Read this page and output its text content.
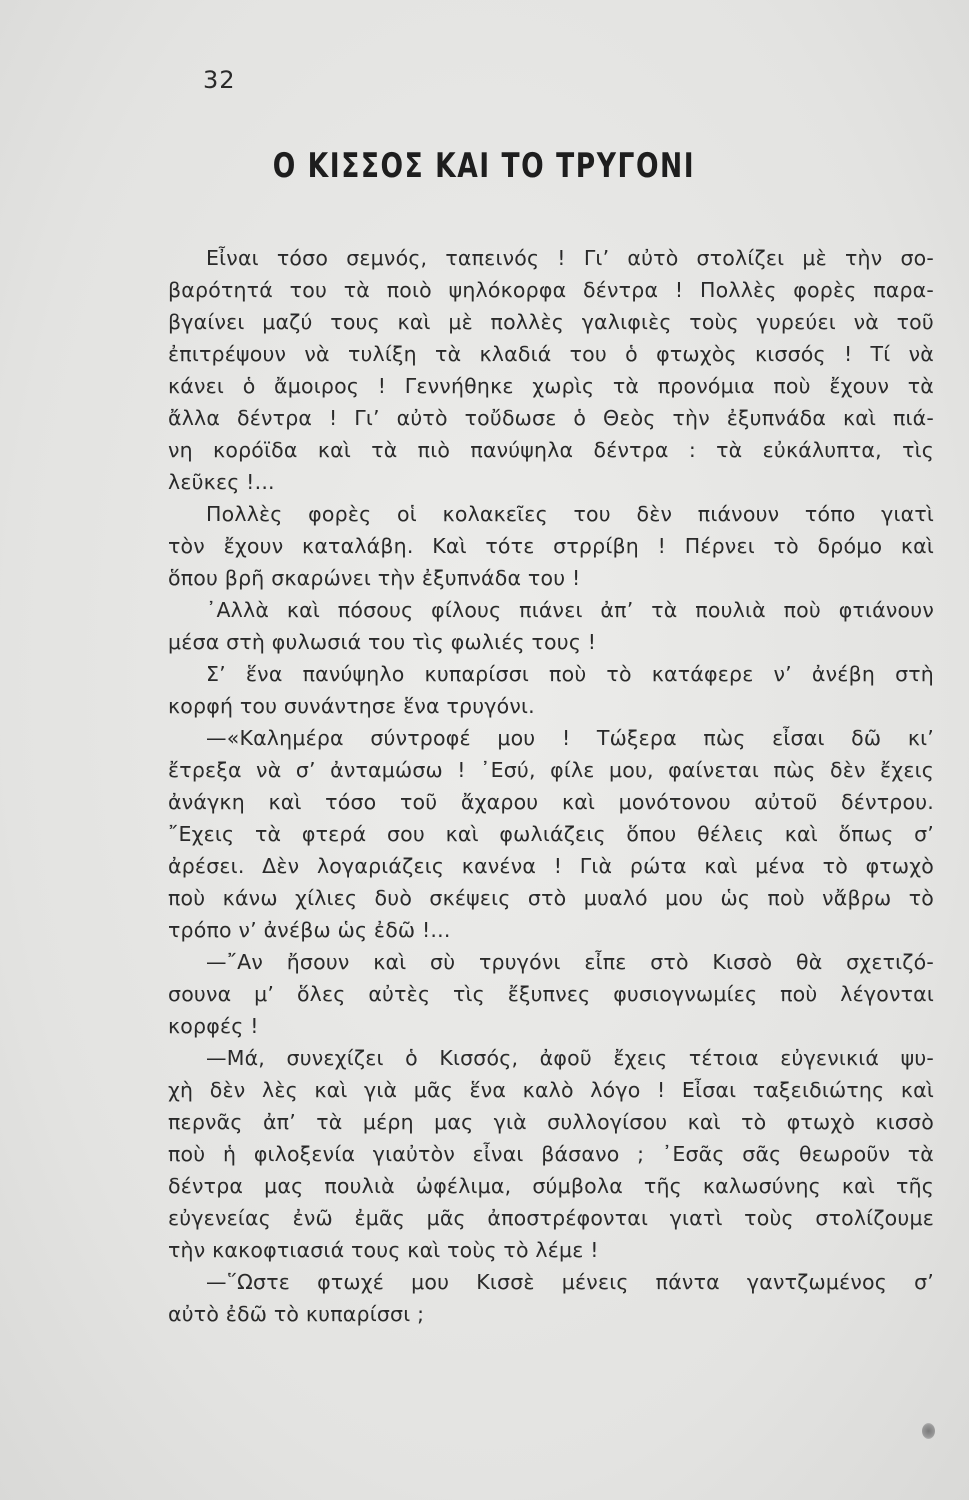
32
Ο ΚΙΣΣΟΣ ΚΑΙ ΤΟ ΤΡΥΓΟΝΙ
Εἶναι τόσο σεμνός, ταπεινός ! Γι’ αὐτὸ στολίζει μὲ τὴν σο-
βαρότητά του τὰ ποιὸ ψηλόκορφα δέντρα ! Πολλὲς φορὲς παρα-
βγαίνει μαζύ τους καὶ μὲ πολλὲς γαλιφιὲς τοὺς γυρεύει νὰ τοῦ
ἐπιτρέψουν νὰ τυλίξη τὰ κλαδιά του ὁ φτωχὸς κισσός ! Τί νὰ
κάνει ὁ ἄμοιρος ! Γεννήθηκε χωρὶς τὰ προνόμια ποὺ ἔχουν τὰ
ἄλλα δέντρα ! Γι’ αὐτὸ τοὔδωσε ὁ Θεὸς τὴν ἐξυπνάδα καὶ πιά-
νη κορόϊδα καὶ τὰ πιὸ πανύψηλα δέντρα : τὰ εὐκάλυπτα, τὶς
λεῦκες !...
Πολλὲς φορὲς οἱ κολακεῖες του δὲν πιάνουν τόπο γιατὶ
τὸν ἔχουν καταλάβη. Καὶ τότε στρρίβη ! Πέρνει τὸ δρόμο καὶ
ὅπου βρῆ σκαρώνει τὴν ἐξυπνάδα του !
᾿Αλλὰ καὶ πόσους φίλους πιάνει ἀπ’ τὰ πουλιὰ ποὺ φτιάνουν
μέσα στὴ φυλωσιά του τὶς φωλιές τους !
Σ’ ἕνα πανύψηλο κυπαρίσσι ποὺ τὸ κατάφερε ν’ ἀνέβη στὴ
κορφή του συνάντησε ἕνα τρυγόνι.
—«Καλημέρα σύντροφέ μου ! Τώξερα πὼς εἶσαι δῶ κι’
ἔτρεξα νὰ σ’ ἀνταμώσω ! ᾿Εσύ, φίλε μου, φαίνεται πὼς δὲν ἔχεις
ἀνάγκη καὶ τόσο τοῦ ἄχαρου καὶ μονότονου αὐτοῦ δέντρου.
῎Εχεις τὰ φτερά σου καὶ φωλιάζεις ὅπου θέλεις καὶ ὅπως σ’
ἀρέσει. Δὲν λογαριάζεις κανένα ! Γιὰ ρώτα καὶ μένα τὸ φτωχὸ
ποὺ κάνω χίλιες δυὸ σκέψεις στὸ μυαλό μου ὡς ποὺ νἄβρω τὸ
τρόπο ν’ ἀνέβω ὡς ἐδῶ !...
—῎Αν ἤσουν καὶ σὺ τρυγόνι εἶπε στὸ Κισσὸ θὰ σχετιζό-
σουνα μ’ ὅλες αὐτὲς τὶς ἔξυπνες φυσιογνωμίες ποὺ λέγονται
κορφές !
—Μά, συνεχίζει ὁ Κισσός, ἀφοῦ ἔχεις τέτοια εὐγενικιά ψυ-
χὴ δὲν λὲς καὶ γιὰ μᾶς ἕνα καλὸ λόγο ! Εἶσαι ταξειδιώτης καὶ
περνᾶς ἀπ’ τὰ μέρη μας γιὰ συλλογίσου καὶ τὸ φτωχὸ κισσὸ
ποὺ ἡ φιλοξενία γιαὐτὸν εἶναι βάσανο ; ᾿Εσᾶς σᾶς θεωροῦν τὰ
δέντρα μας πουλιὰ ὠφέλιμα, σύμβολα τῆς καλωσύνης καὶ τῆς
εὐγενείας ἐνῶ ἐμᾶς μᾶς ἀποστρέφονται γιατὶ τοὺς στολίζουμε
τὴν κακοφτιασιά τους καὶ τοὺς τὸ λέμε !
—῞Ωστε φτωχέ μου Κισσὲ μένεις πάντα γαντζωμένος σ’
αὐτὸ ἐδῶ τὸ κυπαρίσσι ;
